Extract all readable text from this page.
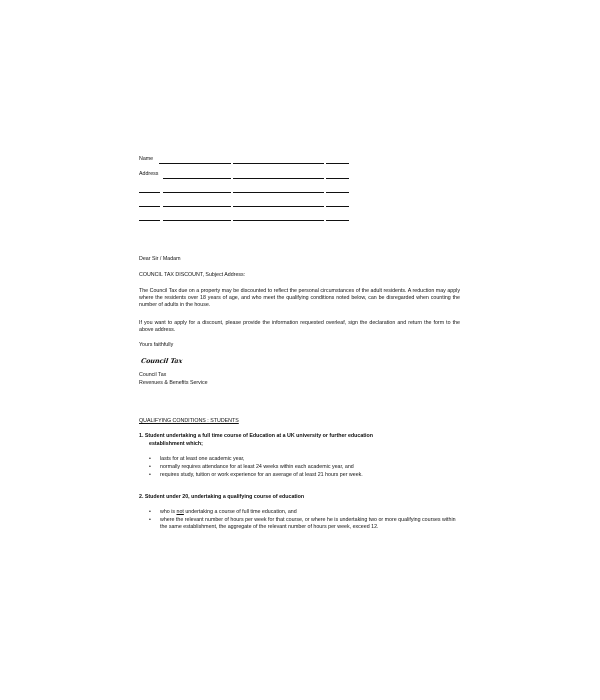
Name
Address
Dear Sir / Madam
COUNCIL TAX DISCOUNT, Subject Address:
The Council Tax due on a property may be discounted to reflect the personal circumstances of the adult residents. A reduction may apply where the residents over 18 years of age, and who meet the qualifying conditions noted below, can be disregarded when counting the number of adults in the house.
If you want to apply for a discount, please provide the information requested overleaf, sign the declaration and return the form to the above address.
Yours faithfully
Council Tax
Council Tax
Revenues & Benefits Service
QUALIFYING CONDITIONS : STUDENTS
1. Student undertaking a full time course of Education at a UK university or further education
establishment which;
• lasts for at least one academic year,
• normally requires attendance for at least 24 weeks within each academic year, and
• requires study, tuition or work experience for an average of at least 21 hours per week.
2. Student under 20, undertaking a qualifying course of education
• who is not undertaking a course of full time education, and
• where the relevant number of hours per week for that course, or where he is undertaking two or more qualifying courses within the same establishment, the aggregate of the relevant number of hours per week, exceed 12.
